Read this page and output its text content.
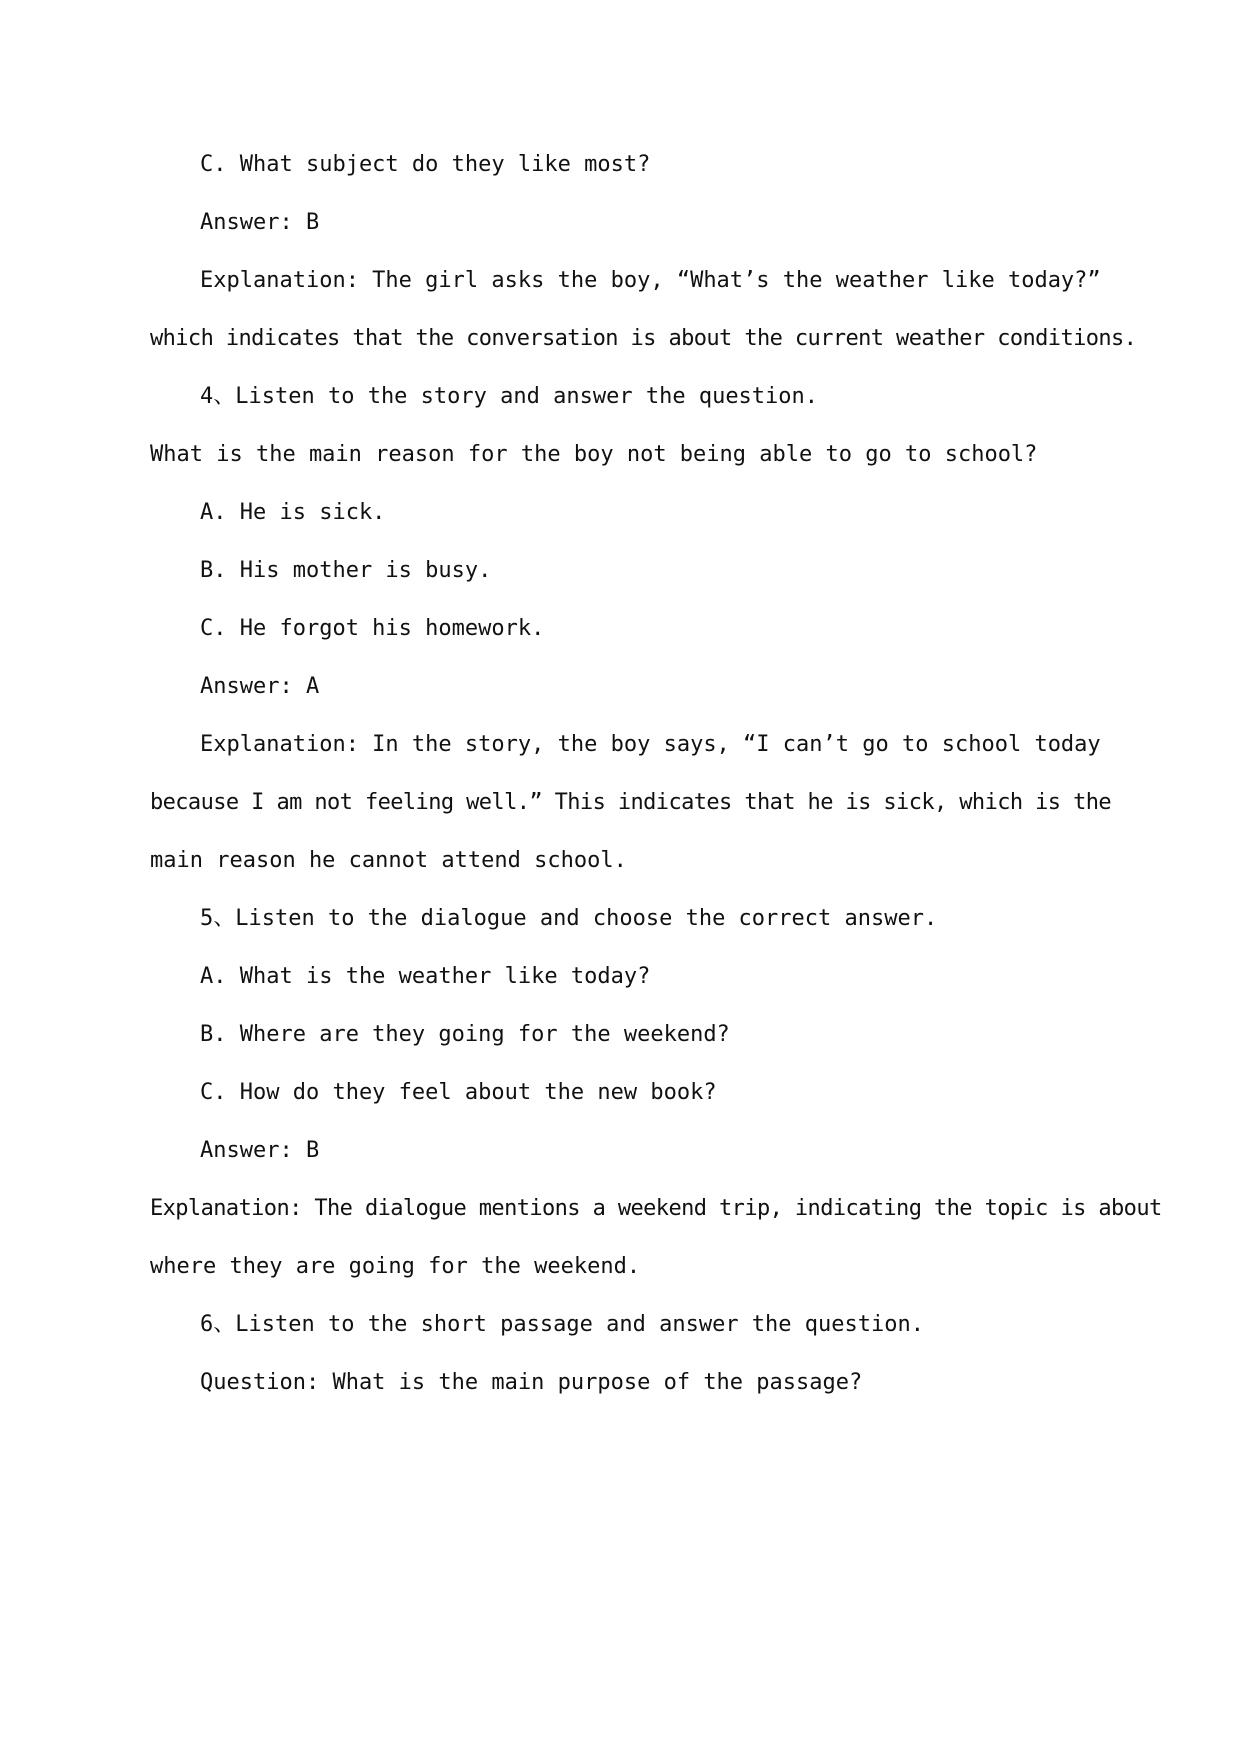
C. What subject do they like most?
Answer: B
Explanation: The girl asks the boy, “What’s the weather like today?”
which indicates that the conversation is about the current weather conditions.
4、Listen to the story and answer the question.
What is the main reason for the boy not being able to go to school?
A. He is sick.
B. His mother is busy.
C. He forgot his homework.
Answer: A
Explanation: In the story, the boy says, “I can’t go to school today
because I am not feeling well.” This indicates that he is sick, which is the
main reason he cannot attend school.
5、Listen to the dialogue and choose the correct answer.
A. What is the weather like today?
B. Where are they going for the weekend?
C. How do they feel about the new book?
Answer: B
Explanation: The dialogue mentions a weekend trip, indicating the topic is about
where they are going for the weekend.
6、Listen to the short passage and answer the question.
Question: What is the main purpose of the passage?
